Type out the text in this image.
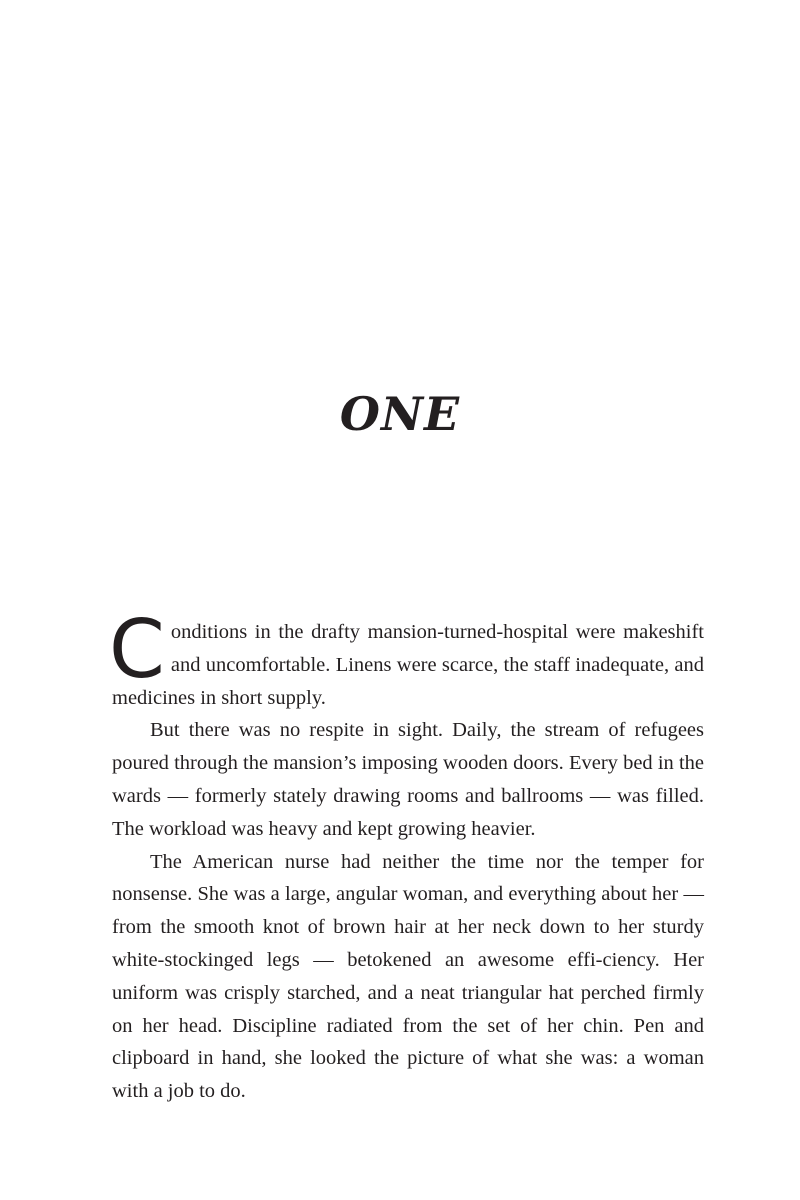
ONE

Conditions in the drafty mansion-turned-hospital were makeshift and uncomfortable. Linens were scarce, the staff inadequate, and medicines in short supply.

But there was no respite in sight. Daily, the stream of refugees poured through the mansion’s imposing wooden doors. Every bed in the wards — formerly stately drawing rooms and ballrooms — was filled. The workload was heavy and kept growing heavier.

The American nurse had neither the time nor the temper for nonsense. She was a large, angular woman, and everything about her — from the smooth knot of brown hair at her neck down to her sturdy white-stockinged legs — betokened an awesome effi-ciency. Her uniform was crisply starched, and a neat triangular hat perched firmly on her head. Discipline radiated from the set of her chin. Pen and clipboard in hand, she looked the picture of what she was: a woman with a job to do.
